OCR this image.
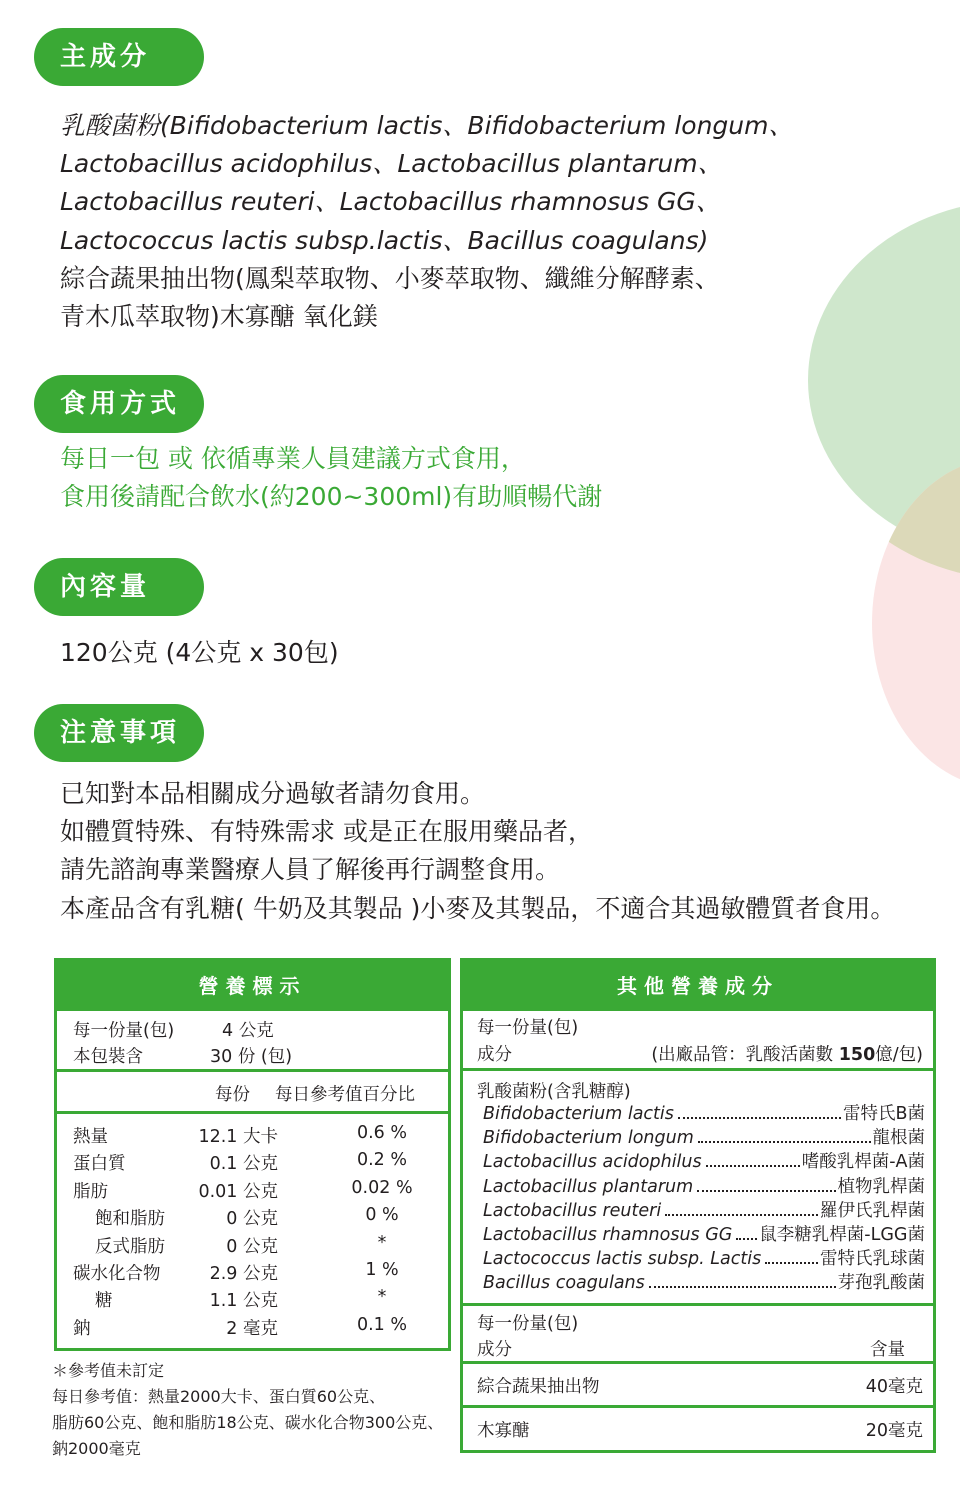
主成分
乳酸菌粉(Bifidobacterium lactis、Bifidobacterium longum、
Lactobacillus acidophilus、Lactobacillus plantarum、
Lactobacillus reuteri、Lactobacillus rhamnosus GG、
Lactococcus lactis subsp.lactis、Bacillus coagulans)
綜合蔬果抽出物(鳳梨萃取物、小麥萃取物、纖維分解酵素、
青木瓜萃取物)木寡醣 氧化鎂
食用方式
每日一包 或 依循專業人員建議方式食用，
食用後請配合飲水(約200~300ml)有助順暢代謝
內容量
120公克 (4公克 x 30包)
注意事項
已知對本品相關成分過敏者請勿食用。
如體質特殊、有特殊需求 或是正在服用藥品者，
請先諮詢專業醫療人員了解後再行調整食用。
本產品含有乳糖( 牛奶及其製品 )小麥及其製品，不適合其過敏體質者食用。
營養標示
每一份量(包)	4 公克
本包裝含	30 份 (包)
每份 每日參考值百分比
熱量	12.1 大卡	0.6 %
蛋白質	0.1 公克	0.2 %
脂肪	0.01 公克	0.02 %
飽和脂肪	0 公克	0 %
反式脂肪	0 公克	*
碳水化合物	2.9 公克	1 %
糖	1.1 公克	*
鈉	2 毫克	0.1 %
＊參考值未訂定
每日參考值：熱量2000大卡、蛋白質60公克、
脂肪60公克、飽和脂肪18公克、碳水化合物300公克、
鈉2000毫克
其他營養成分
每一份量(包)
成分	(出廠品管：乳酸活菌數 150億/包)
乳酸菌粉(含乳糖醇)
Bifidobacterium lactis	雷特氏B菌
Bifidobacterium longum	龍根菌
Lactobacillus acidophilus	嗜酸乳桿菌-A菌
Lactobacillus plantarum	植物乳桿菌
Lactobacillus reuteri	羅伊氏乳桿菌
Lactobacillus rhamnosus GG 鼠李糖乳桿菌-LGG菌
Lactococcus lactis subsp. Lactis	雷特氏乳球菌
Bacillus coagulans	芽孢乳酸菌
每一份量(包)
成分	含量
綜合蔬果抽出物	40毫克
木寡醣	20毫克
